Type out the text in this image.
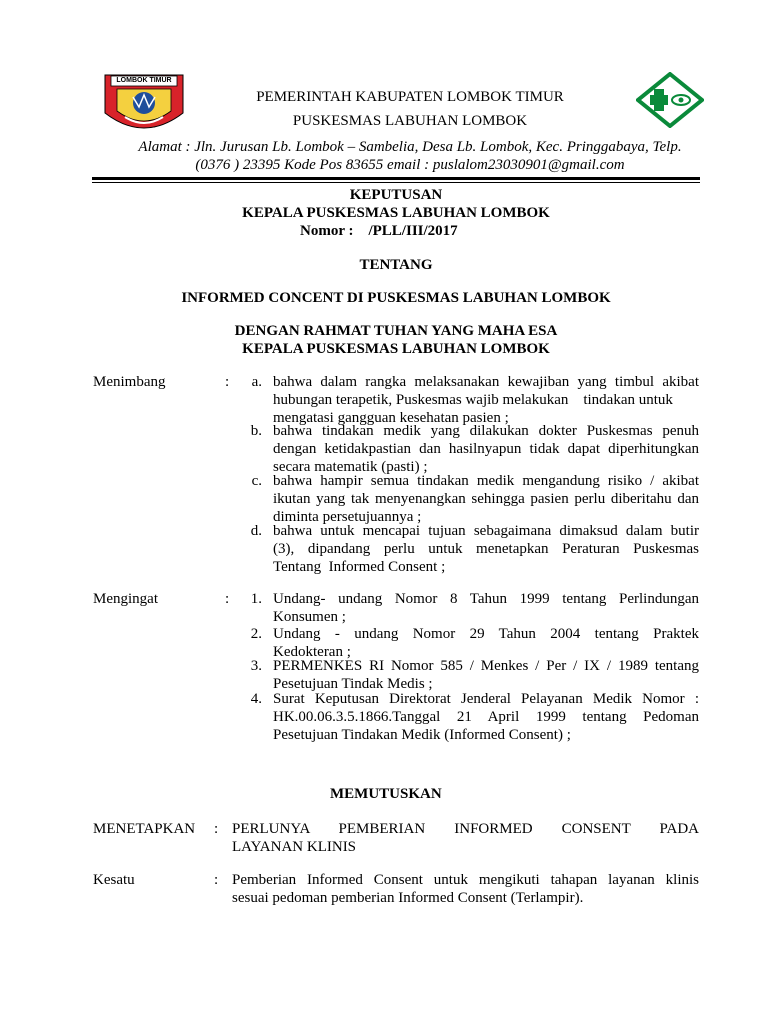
LOMBOK TIMUR
PEMERINTAH KABUPATEN LOMBOK TIMUR
PUSKESMAS LABUHAN LOMBOK
Alamat : Jln. Jurusan Lb. Lombok – Sambelia, Desa Lb. Lombok, Kec. Pringgabaya, Telp.
(0376 ) 23395 Kode Pos 83655 email : puslalom23030901@gmail.com
KEPUTUSAN
KEPALA PUSKESMAS LABUHAN LOMBOK
Nomor : /PLL/III/2017
TENTANG
INFORMED CONCENT DI PUSKESMAS LABUHAN LOMBOK
DENGAN RAHMAT TUHAN YANG MAHA ESA
KEPALA PUSKESMAS LABUHAN LOMBOK
Menimbang	:	a. bahwa dalam rangka melaksanakan kewajiban yang timbul akibat
hubungan terapetik, Puskesmas wajib melakukan    tindakan untuk
mengatasi gangguan kesehatan pasien ;
b. bahwa tindakan medik yang dilakukan dokter Puskesmas penuh
dengan ketidakpastian dan hasilnyapun tidak dapat diperhitungkan
secara matematik (pasti) ;
c. bahwa hampir semua tindakan medik mengandung risiko / akibat
ikutan yang tak menyenangkan sehingga pasien perlu diberitahu dan
diminta persetujuannya ;
d. bahwa untuk mencapai tujuan sebagaimana dimaksud dalam butir
(3), dipandang perlu untuk menetapkan Peraturan Puskesmas
Tentang  Informed Consent ;
Mengingat	:	1. Undang- undang Nomor 8 Tahun 1999 tentang Perlindungan
Konsumen ;
2. Undang - undang Nomor 29 Tahun 2004 tentang Praktek
Kedokteran ;
3. PERMENKES RI Nomor 585 / Menkes / Per / IX / 1989 tentang
Pesetujuan Tindak Medis ;
4. Surat Keputusan Direktorat Jenderal Pelayanan Medik Nomor :
HK.00.06.3.5.1866.Tanggal 21 April 1999 tentang Pedoman
Pesetujuan Tindakan Medik (Informed Consent) ;
MEMUTUSKAN
MENETAPKAN : PERLUNYA PEMBERIAN INFORMED CONSENT PADA
LAYANAN KLINIS
Kesatu	: Pemberian Informed Consent untuk mengikuti tahapan layanan klinis
sesuai pedoman pemberian Informed Consent (Terlampir).
